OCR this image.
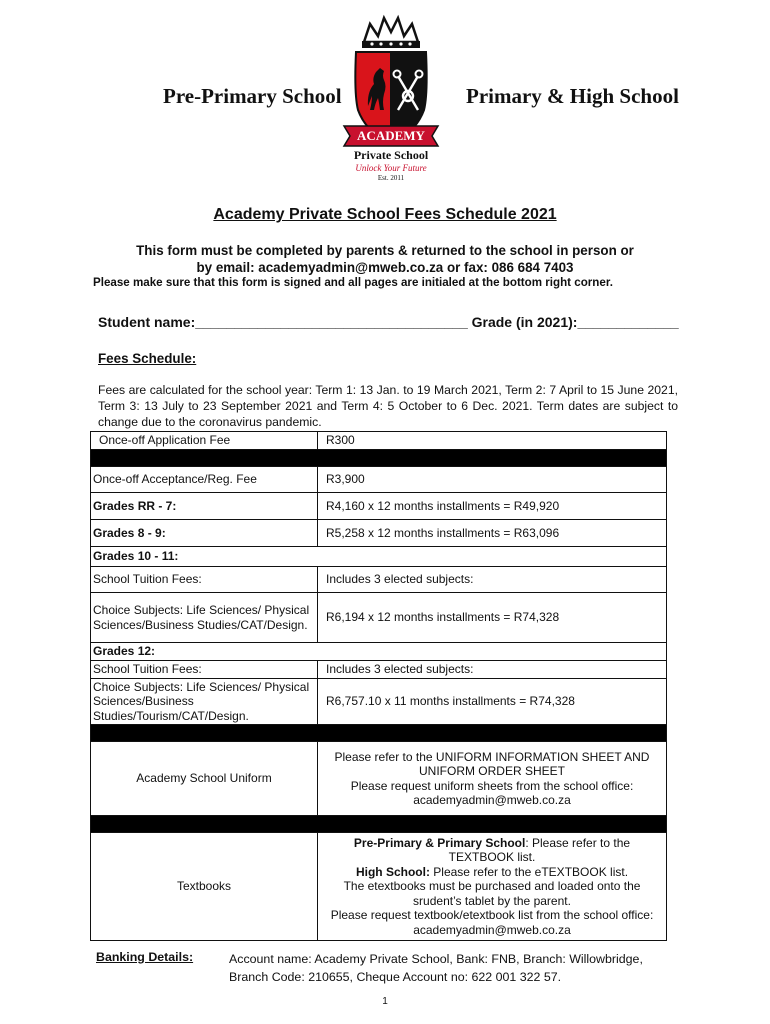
Pre-Primary School	Primary & High School
ACADEMY
Private School
Unlock Your Future
Est. 2011
Academy Private School Fees Schedule 2021
This form must be completed by parents & returned to the school in person or
by email: academyadmin@mweb.co.za or fax: 086 684 7403
Please make sure that this form is signed and all pages are initialed at the bottom right corner.
Student name:___________________________________ Grade (in 2021):_____________
Fees Schedule:
Fees are calculated for the school year: Term 1: 13 Jan. to 19 March 2021, Term 2: 7 April to 15 June 2021, Term 3: 13 July to 23 September 2021 and Term 4: 5 October to 6 Dec. 2021. Term dates are subject to change due to the coronavirus pandemic.
Once-off Application Fee	R300

Once-off Acceptance/Reg. Fee	R3,900
Grades RR - 7:	R4,160 x 12 months installments = R49,920
Grades 8 - 9:	R5,258 x 12 months installments = R63,096
Grades 10 - 11:	
School Tuition Fees:	Includes 3 elected subjects:
Choice Subjects: Life Sciences/ Physical Sciences/Business Studies/CAT/Design.	R6,194 x 12 months installments = R74,328
Grades 12:	
School Tuition Fees:	Includes 3 elected subjects:
Choice Subjects: Life Sciences/ Physical Sciences/Business Studies/Tourism/CAT/Design.	R6,757.10 x 11 months installments = R74,328

Academy School Uniform	Please refer to the UNIFORM INFORMATION SHEET AND UNIFORM ORDER SHEET
Please request uniform sheets from the school office:
academyadmin@mweb.co.za

Textbooks	Pre-Primary & Primary School: Please refer to the TEXTBOOK list.
High School: Please refer to the eTEXTBOOK list.
The etextbooks must be purchased and loaded onto the srudent’s tablet by the parent.
Please request textbook/etextbook list from the school office:
academyadmin@mweb.co.za
Banking Details:	Account name: Academy Private School, Bank: FNB, Branch: Willowbridge,
Branch Code: 210655, Cheque Account no: 622 001 322 57.
1
